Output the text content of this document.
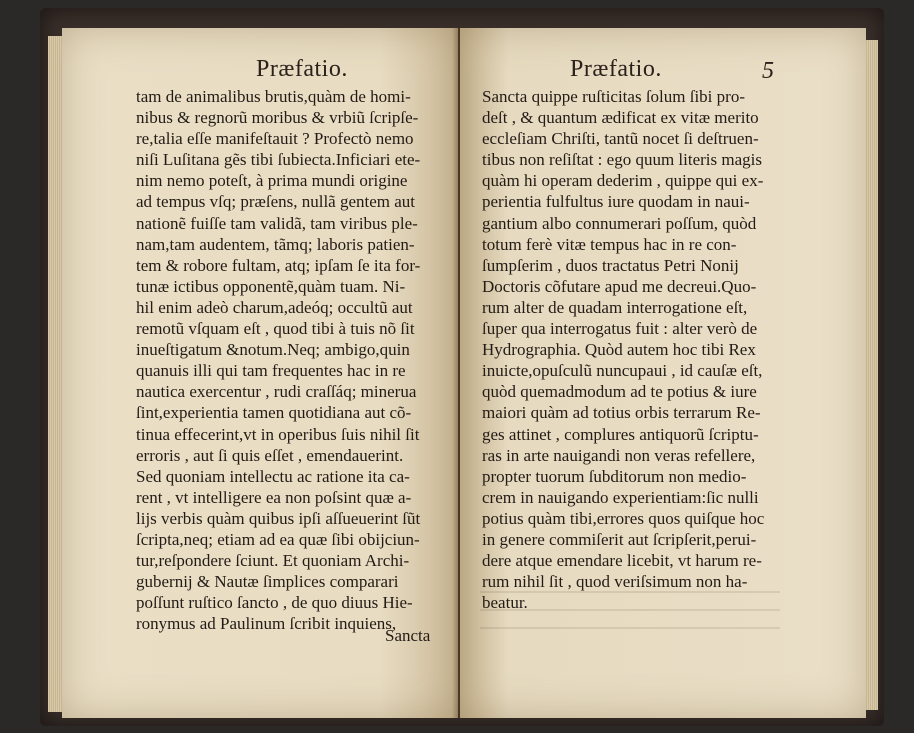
Præfatio.
tam de animalibus brutis,quàm de homi-
nibus & regnorũ moribus & vrbiũ ſcripſe-
re,talia eſſe manifeſtauit ? Profectò nemo
niſi Luſitana gẽs tibi ſubiecta.Inficiari ete-
nim nemo poteſt, à prima mundi origine
ad tempus vſq; præſens, nullã gentem aut
nationẽ fuiſſe tam validã, tam viribus ple-
nam,tam audentem, tãmq; laboris patien-
tem & robore fultam, atq; ipſam ſe ita for-
tunæ ictibus opponentẽ,quàm tuam. Ni-
hil enim adeò charum,adeóq; occultũ aut
remotũ vſquam eſt , quod tibi à tuis nõ ſit
inueſtigatum &notum.Neq; ambigo,quin
quanuis illi qui tam frequentes hac in re
nautica exercentur , rudi craſſáq; minerua
ſint,experientia tamen quotidiana aut cõ-
tinua effecerint,vt in operibus ſuis nihil ſit
erroris , aut ſi quis eſſet , emendauerint.
Sed quoniam intellectu ac ratione ita ca-
rent , vt intelligere ea non poſsint quæ a-
lijs verbis quàm quibus ipſi aſſueuerint ſũt
ſcripta,neq; etiam ad ea quæ ſibi obijciun-
tur,reſpondere ſciunt. Et quoniam Archi-
gubernij & Nautæ ſimplices comparari
poſſunt ruſtico ſancto , de quo diuus Hie-
ronymus ad Paulinum ſcribit inquiens,
Sancta
Præfatio.	5
Sancta quippe ruſticitas ſolum ſibi pro-
deſt , & quantum ædificat ex vitæ merito
eccleſiam Chriſti, tantũ nocet ſi deſtruen-
tibus non reſiſtat : ego quum literis magis
quàm hi operam dederim , quippe qui ex-
perientia fulfultus iure quodam in naui-
gantium albo connumerari poſſum, quòd
totum ferè vitæ tempus hac in re con-
ſumpſerim , duos tractatus Petri Nonij
Doctoris cõfutare apud me decreui.Quo-
rum alter de quadam interrogatione eſt,
ſuper qua interrogatus fuit : alter verò de
Hydrographia. Quòd autem hoc tibi Rex
inuicte,opuſculũ nuncupaui , id cauſæ eſt,
quòd quemadmodum ad te potius & iure
maiori quàm ad totius orbis terrarum Re-
ges attinet , complures antiquorũ ſcriptu-
ras in arte nauigandi non veras refellere,
propter tuorum ſubditorum non medio-
crem in nauigando experientiam:ſic nulli
potius quàm tibi,errores quos quiſque hoc
in genere commiſerit aut ſcripſerit,perui-
dere atque emendare licebit, vt harum re-
rum nihil ſit , quod veriſsimum non ha-
beatur.
